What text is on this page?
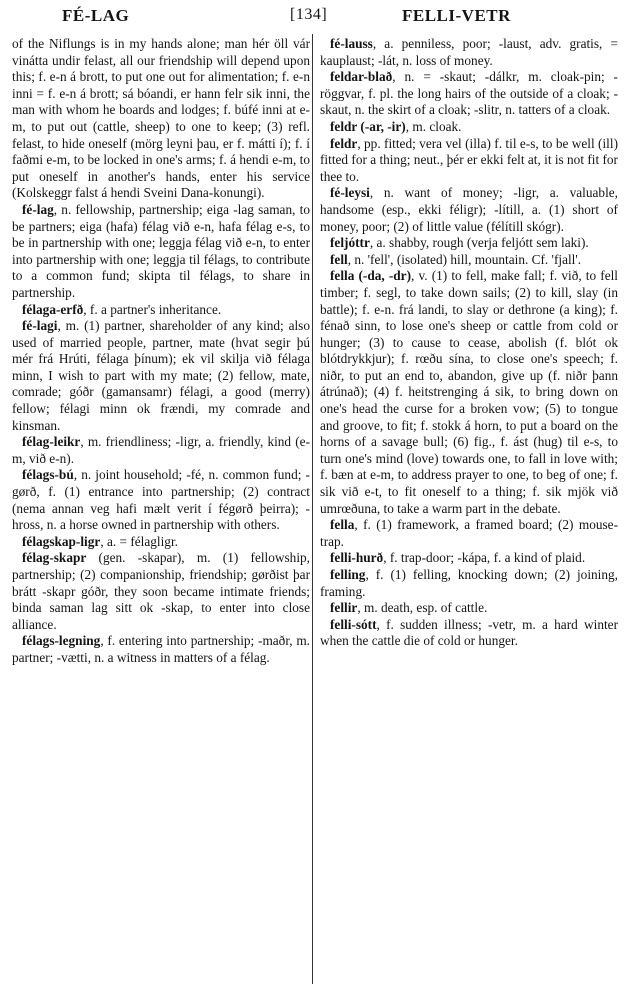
FÉ-LAG	[134]	FELLI-VETR

of the Niflungs is in my hands alone; man hér öll vár vinátta undir felast, all our friendship will depend upon this; f. e-n á brott, to put one out for alimentation; f. e-n inni = f. e-n á brott; sá bóandi, er hann felr sik inni, the man with whom he boards and lodges; f. búfé inni at e-m, to put out (cattle, sheep) to one to keep; (3) refl. felast, to hide oneself (mörg leyni þau, er f. mátti í); f. í faðmi e-m, to be locked in one's arms; f. á hendi e-m, to put oneself in another's hands, enter his service (Kolskeggr falst á hendi Sveini Dana-konungi).

fé-lag, n. fellowship, partnership; eiga -lag saman, to be partners; eiga (hafa) félag við e-n, hafa félag e-s, to be in partnership with one; leggja félag við e-n, to enter into partnership with one; leggja til félags, to contribute to a common fund; skipta til félags, to share in partnership.

félaga-erfð, f. a partner's inheritance.

fé-lagi, m. (1) partner, shareholder of any kind; also used of married people, partner, mate (hvat segir þú mér frá Hrúti, félaga þínum); ek vil skilja við félaga minn, I wish to part with my mate; (2) fellow, mate, comrade; góðr (gamansamr) félagi, a good (merry) fellow; félagi minn ok frændi, my comrade and kinsman.

félag-leikr, m. friendliness; -ligr, a. friendly, kind (e-m, við e-n).

félags-bú, n. joint household; -fé, n. common fund; -gørð, f. (1) entrance into partnership; (2) contract (nema annan veg hafi mælt verit í fégørð þeirra); -hross, n. a horse owned in partnership with others.

félagskap-ligr, a. = félagligr.

félag-skapr (gen. -skapar), m. (1) fellowship, partnership; (2) companionship, friendship; gørðist þar brátt -skapr góðr, they soon became intimate friends; binda saman lag sitt ok -skap, to enter into close alliance.

félags-legning, f. entering into partnership; -maðr, m. partner; -vætti, n. a witness in matters of a félag.

fé-lauss, a. penniless, poor; -laust, adv. gratis, = kauplaust; -lát, n. loss of money.

feldar-blað, n. = -skaut; -dálkr, m. cloak-pin; -röggvar, f. pl. the long hairs of the outside of a cloak; -skaut, n. the skirt of a cloak; -slitr, n. tatters of a cloak.

feldr (-ar, -ir), m. cloak.

feldr, pp. fitted; vera vel (illa) f. til e-s, to be well (ill) fitted for a thing; neut., þér er ekki felt at, it is not fit for thee to.

fé-leysi, n. want of money; -ligr, a. valuable, handsome (esp., ekki féligr); -lítill, a. (1) short of money, poor; (2) of little value (félítill skógr).

feljóttr, a. shabby, rough (verja feljótt sem laki).

fell, n. 'fell', (isolated) hill, mountain. Cf. 'fjall'.

fella (-da, -dr), v. (1) to fell, make fall; f. við, to fell timber; f. segl, to take down sails; (2) to kill, slay (in battle); f. e-n. frá landi, to slay or dethrone (a king); f. fénað sinn, to lose one's sheep or cattle from cold or hunger; (3) to cause to cease, abolish (f. blót ok blótdrykkjur); f. rœðu sína, to close one's speech; f. niðr, to put an end to, abandon, give up (f. niðr þann átrúnað); (4) f. heitstrenging á sik, to bring down on one's head the curse for a broken vow; (5) to tongue and groove, to fit; f. stokk á horn, to put a board on the horns of a savage bull; (6) fig., f. ást (hug) til e-s, to turn one's mind (love) towards one, to fall in love with; f. bæn at e-m, to address prayer to one, to beg of one; f. sik við e-t, to fit oneself to a thing; f. sik mjök við umrœðuna, to take a warm part in the debate.

fella, f. (1) framework, a framed board; (2) mouse-trap.

felli-hurð, f. trap-door; -kápa, f. a kind of plaid.

felling, f. (1) felling, knocking down; (2) joining, framing.

fellir, m. death, esp. of cattle.

felli-sótt, f. sudden illness; -vetr, m. a hard winter when the cattle die of cold or hunger.
